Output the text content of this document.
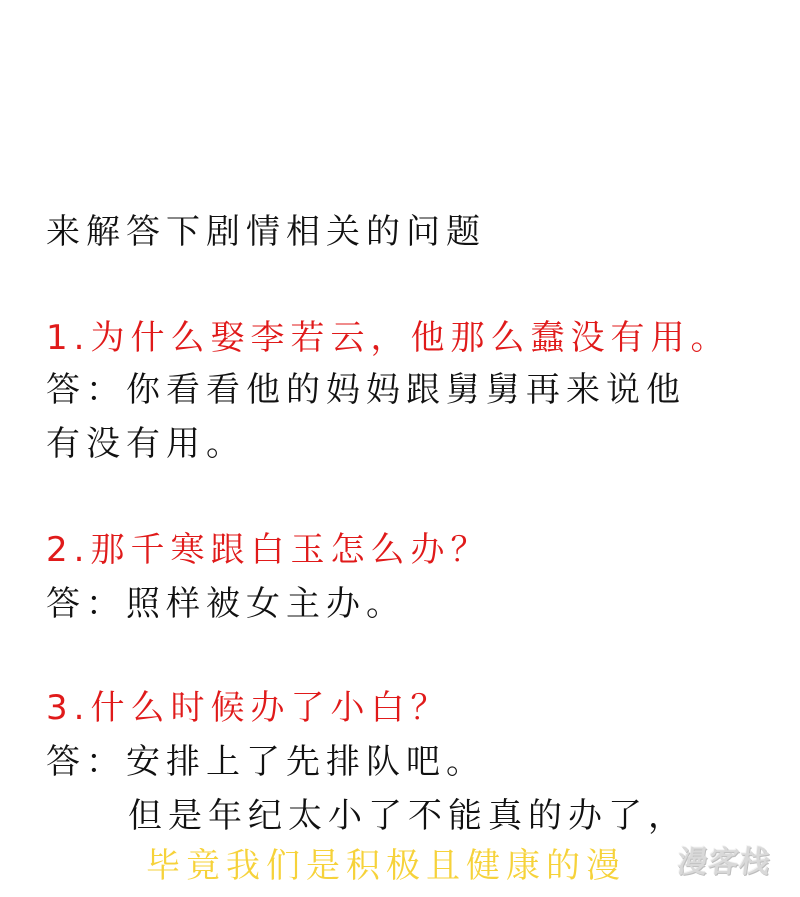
来解答下剧情相关的问题
1.为什么娶李若云，他那么蠢没有用。
答：你看看他的妈妈跟舅舅再来说他
有没有用。
2.那千寒跟白玉怎么办？
答：照样被女主办。
3.什么时候办了小白？
答：安排上了先排队吧。
但是年纪太小了不能真的办了，
毕竟我们是积极且健康的漫 漫客栈
